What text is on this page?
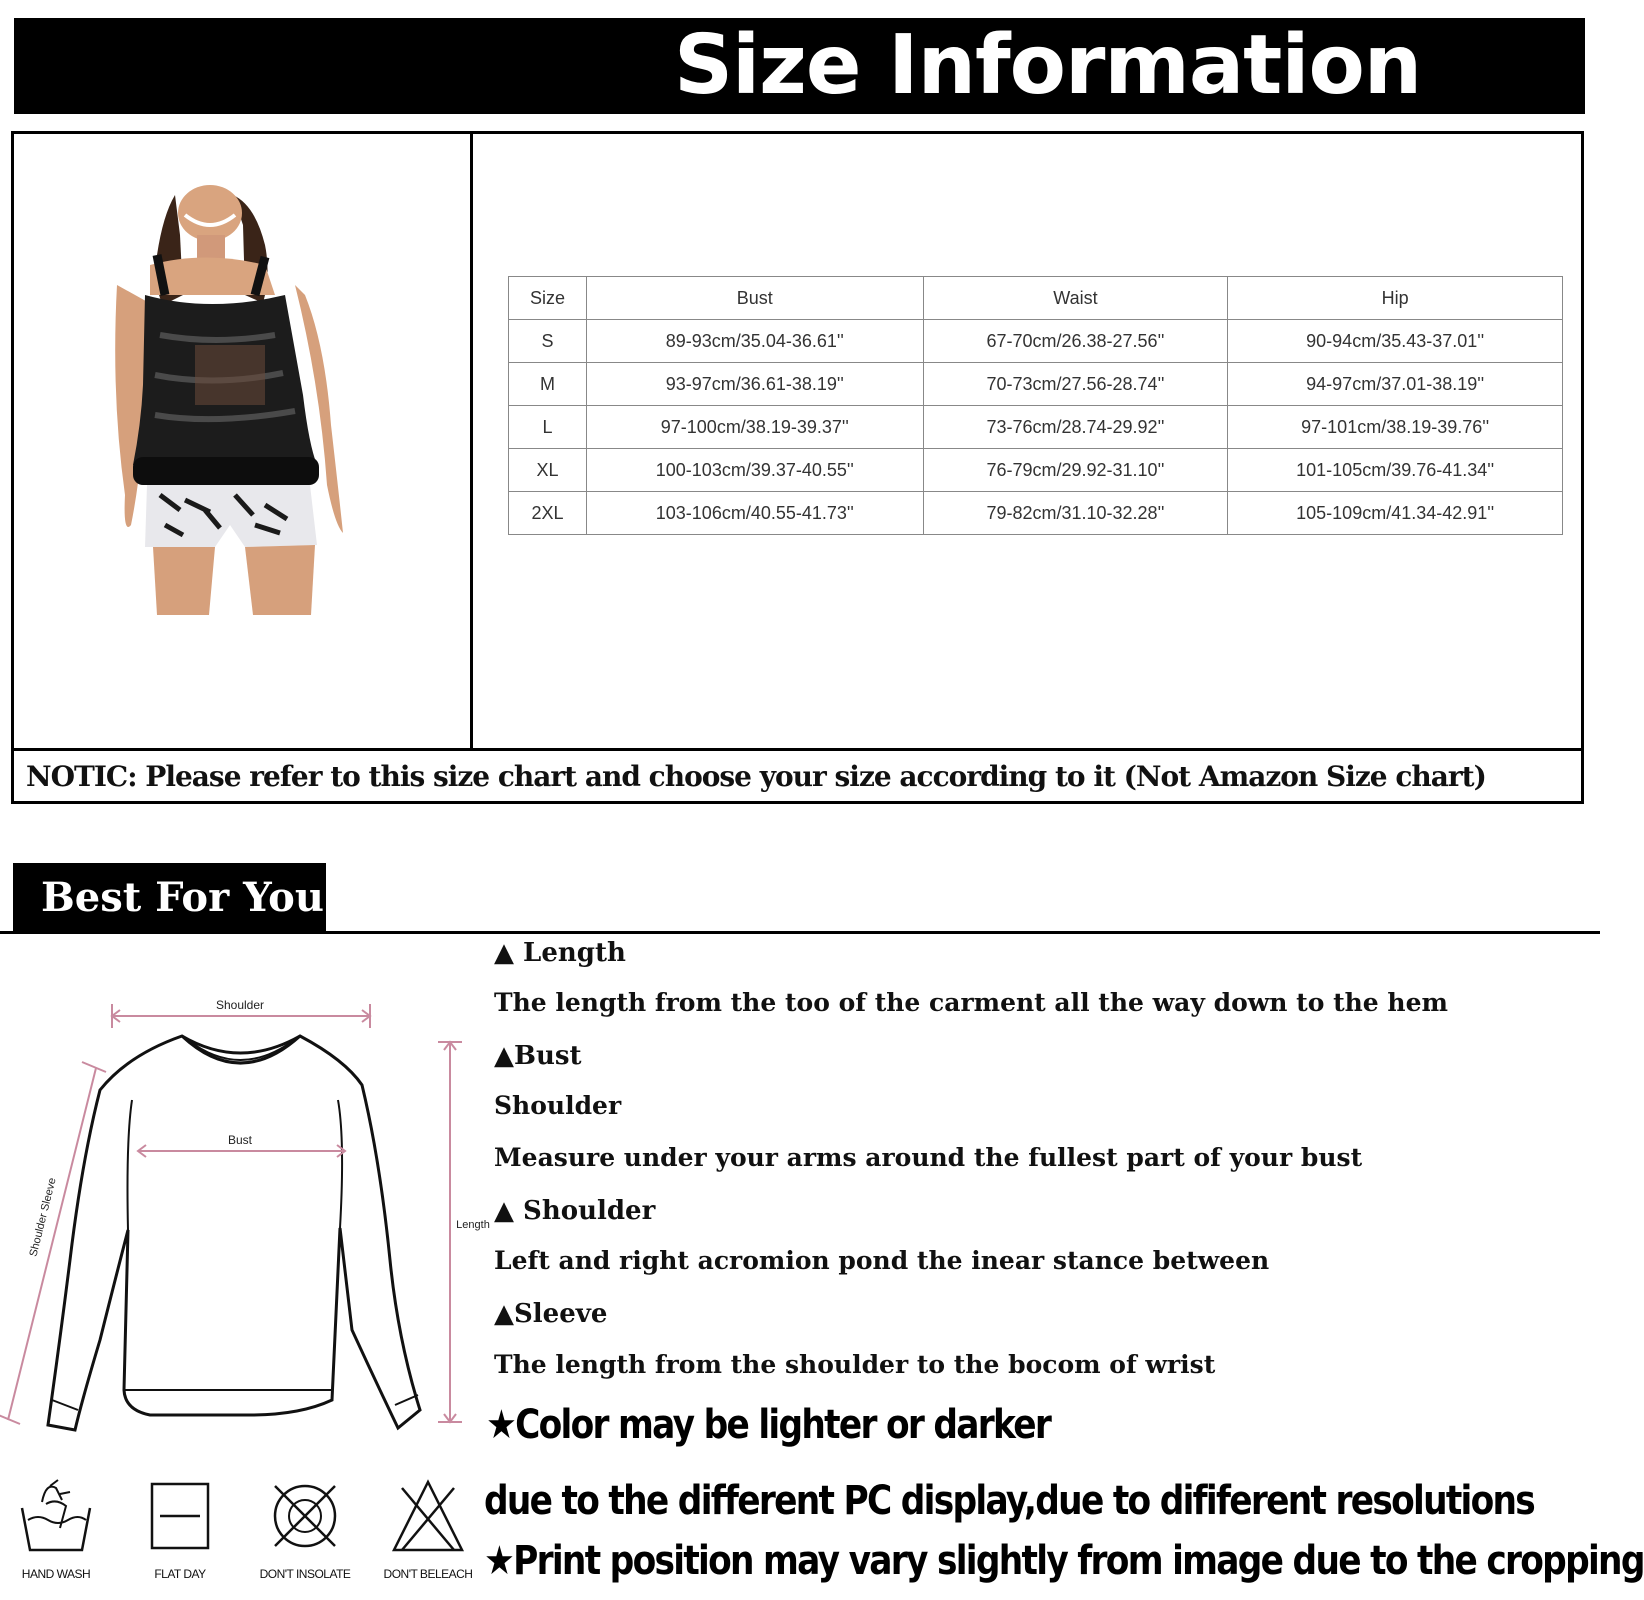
Size Information
Size	Bust	Waist	Hip
S	89-93cm/35.04-36.61''	67-70cm/26.38-27.56''	90-94cm/35.43-37.01''
M	93-97cm/36.61-38.19''	70-73cm/27.56-28.74''	94-97cm/37.01-38.19''
L	97-100cm/38.19-39.37''	73-76cm/28.74-29.92''	97-101cm/38.19-39.76''
XL	100-103cm/39.37-40.55''	76-79cm/29.92-31.10''	101-105cm/39.76-41.34''
2XL	103-106cm/40.55-41.73''	79-82cm/31.10-32.28''	105-109cm/41.34-42.91''
NOTIC: Please refer to this size chart and choose your size according to it (Not Amazon Size chart)
Best For You
Shoulder
Bust
Length
Shoulder Sleeve
▲ Length
The length from the too of the carment all the way down to the hem
▲Bust
Shoulder
Measure under your arms around the fullest part of your bust
▲ Shoulder
Left and right acromion pond the inear stance between
▲Sleeve
The length from the shoulder to the bocom of wrist
★Color may be lighter or darker
due to the different PC display,due to dififerent resolutions
★Print position may vary slightly from image due to the cropping
HAND WASH	FLAT DAY	DON'T INSOLATE	DON'T BELEACH
